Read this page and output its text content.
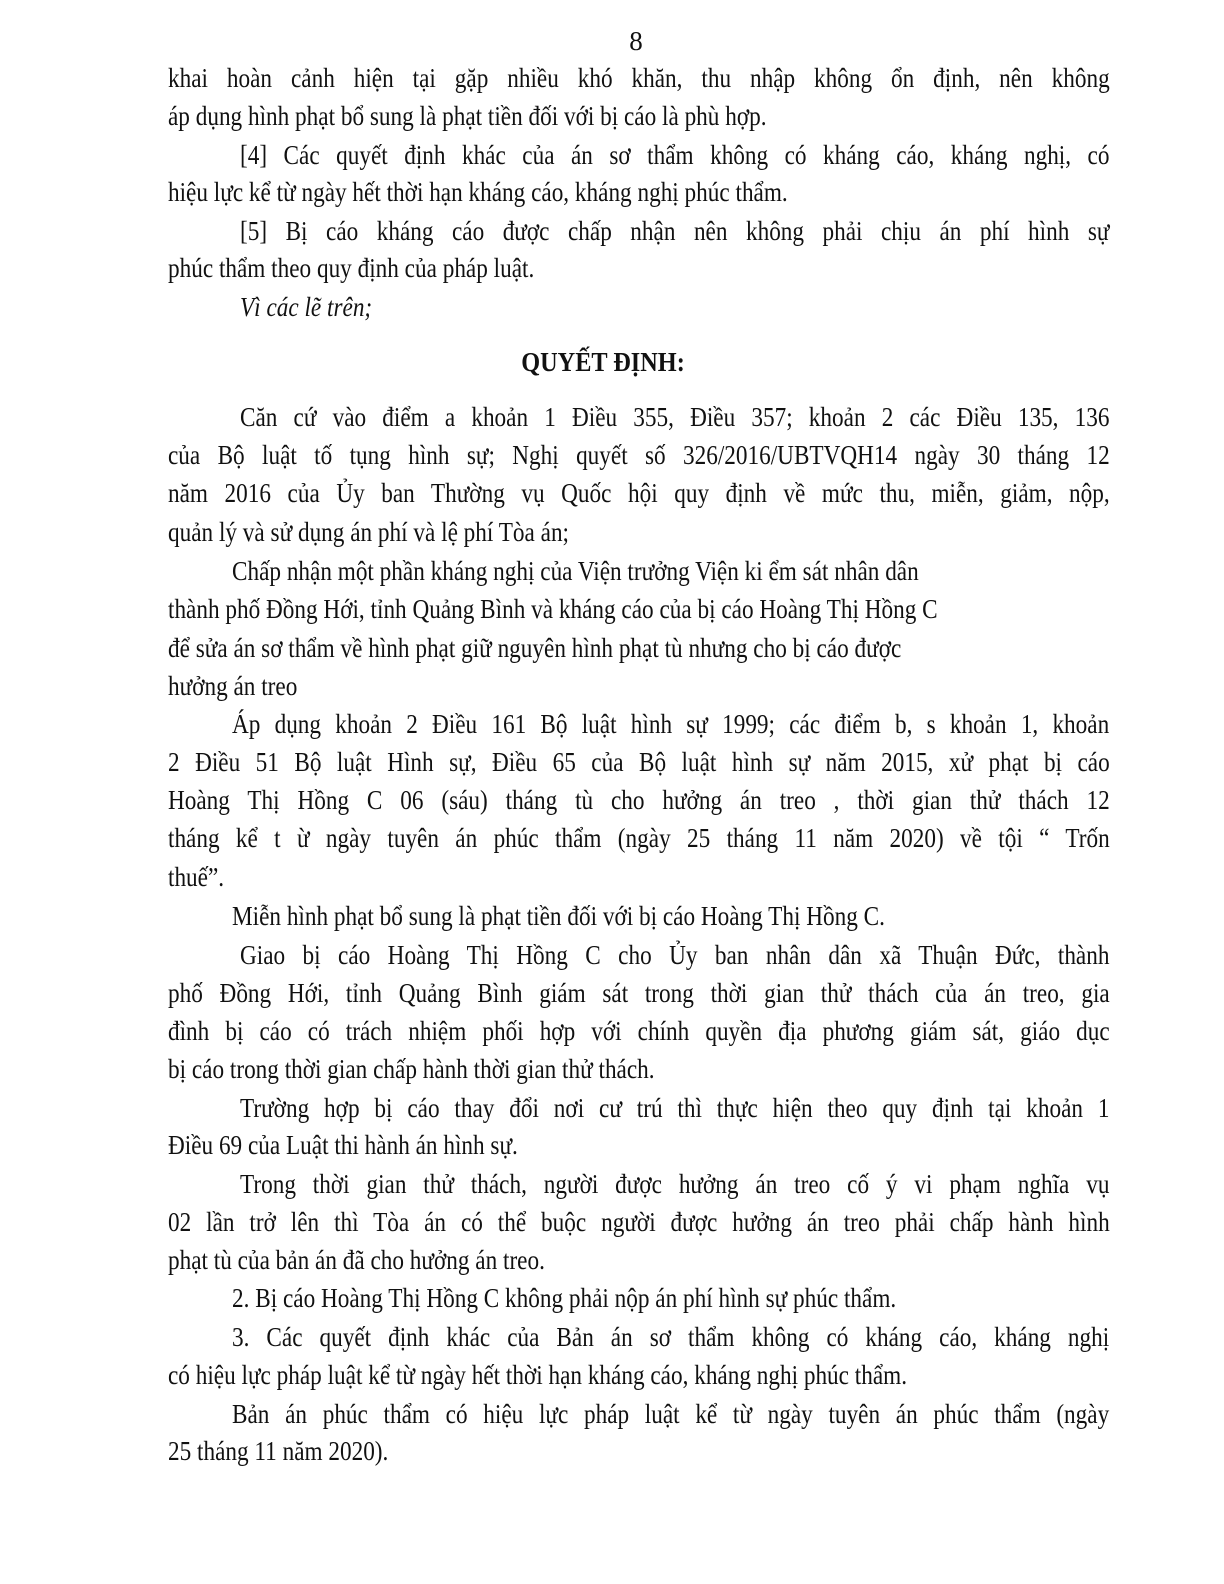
8
khai hoàn cảnh hiện tại gặp nhiều khó khăn, thu nhập không ổn định, nên không
áp dụng hình phạt bổ sung là phạt tiền đối với bị cáo là phù hợp.
[4] Các quyết định khác của án sơ thẩm không có kháng cáo, kháng nghị, có
hiệu lực kể từ ngày hết thời hạn kháng cáo, kháng nghị phúc thẩm.
[5] Bị cáo kháng cáo được chấp nhận nên không phải chịu án phí hình sự
phúc thẩm theo quy định của pháp luật.
Vì các lẽ trên;
QUYẾT ĐỊNH:
Căn cứ vào điểm a khoản 1 Điều 355, Điều 357; khoản 2 các Điều 135, 136
của Bộ luật tố tụng hình sự; Nghị quyết số 326/2016/UBTVQH14 ngày 30 tháng 12
năm 2016 của Ủy ban Thường vụ Quốc hội quy định về mức thu, miễn, giảm, nộp,
quản lý và sử dụng án phí và lệ phí Tòa án;
Chấp nhận một phần kháng nghị của Viện trưởng Viện ki ểm sát nhân dân
thành phố Đồng Hới, tỉnh Quảng Bình và kháng cáo của bị cáo Hoàng Thị Hồng C
để sửa án sơ thẩm về hình phạt giữ nguyên hình phạt tù nhưng cho bị cáo được
hưởng án treo
Áp dụng khoản 2 Điều 161 Bộ luật hình sự 1999; các điểm b, s khoản 1, khoản
2 Điều 51 Bộ luật Hình sự, Điều 65 của Bộ luật hình sự năm 2015, xử phạt bị cáo
Hoàng Thị Hồng C 06 (sáu) tháng tù cho hưởng án treo , thời gian thử thách 12
tháng kể t ừ ngày tuyên án phúc thẩm (ngày 25 tháng 11 năm 2020) về tội “ Trốn
thuế”.
Miễn hình phạt bổ sung là phạt tiền đối với bị cáo Hoàng Thị Hồng C.
Giao bị cáo Hoàng Thị Hồng C cho Ủy ban nhân dân xã Thuận Đức, thành
phố Đồng Hới, tỉnh Quảng Bình giám sát trong thời gian thử thách của án treo, gia
đình bị cáo có trách nhiệm phối hợp với chính quyền địa phương giám sát, giáo dục
bị cáo trong thời gian chấp hành thời gian thử thách.
Trường hợp bị cáo thay đổi nơi cư trú thì thực hiện theo quy định tại khoản 1
Điều 69 của Luật thi hành án hình sự.
Trong thời gian thử thách, người được hưởng án treo cố ý vi phạm nghĩa vụ
02 lần trở lên thì Tòa án có thể buộc người được hưởng án treo phải chấp hành hình
phạt tù của bản án đã cho hưởng án treo.
2. Bị cáo Hoàng Thị Hồng C không phải nộp án phí hình sự phúc thẩm.
3. Các quyết định khác của Bản án sơ thẩm không có kháng cáo, kháng nghị
có hiệu lực pháp luật kể từ ngày hết thời hạn kháng cáo, kháng nghị phúc thẩm.
Bản án phúc thẩm có hiệu lực pháp luật kể từ ngày tuyên án phúc thẩm (ngày
25 tháng 11 năm 2020).
